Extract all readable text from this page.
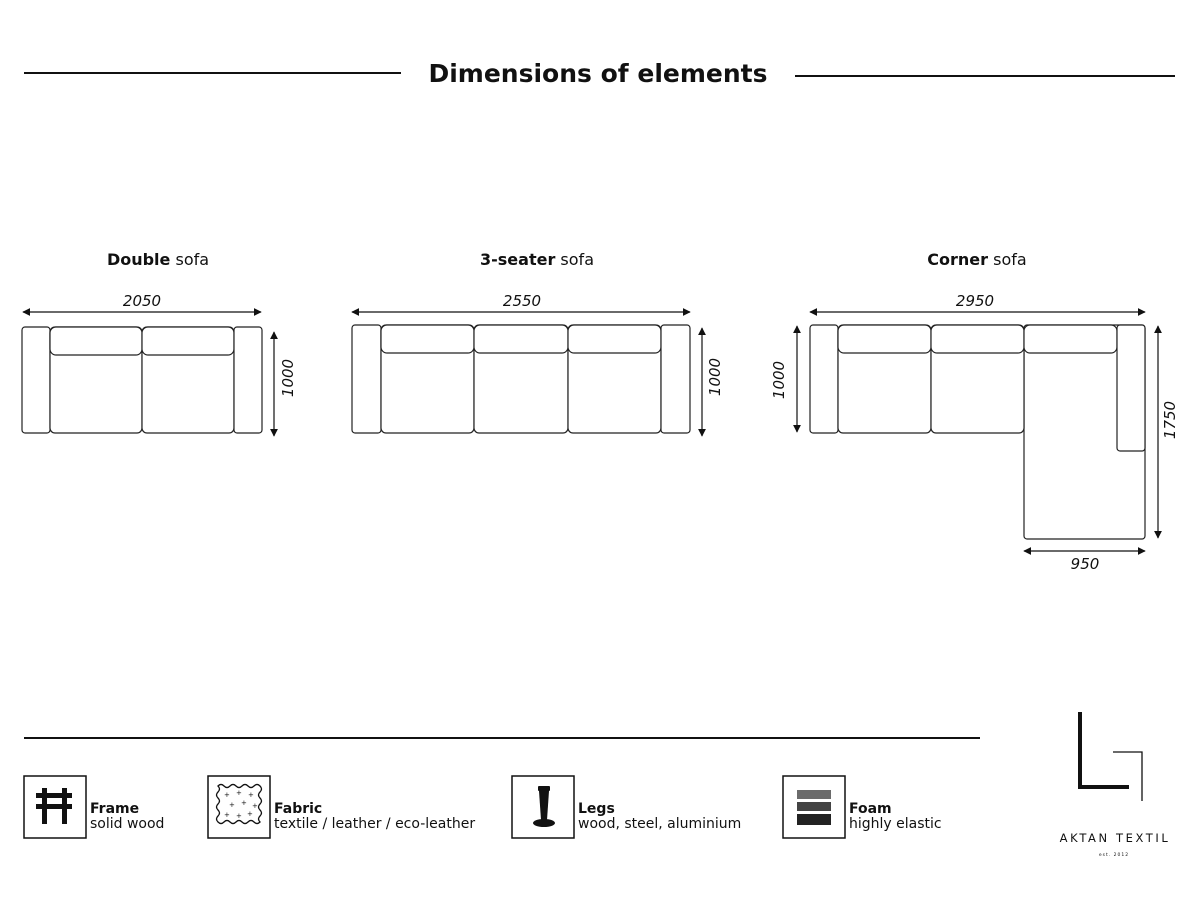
Dimensions of elements
Double sofa
2050
1000
3-seater sofa
2550
1000
Corner sofa
2950
1000
1750
950
Frame
solid wood
+ + +
+ + +
+ + + Fabric
textile / leather / eco-leather
Legs
wood, steel, aluminium
Foam
highly elastic
AKTAN TEXTIL
est. 2012
